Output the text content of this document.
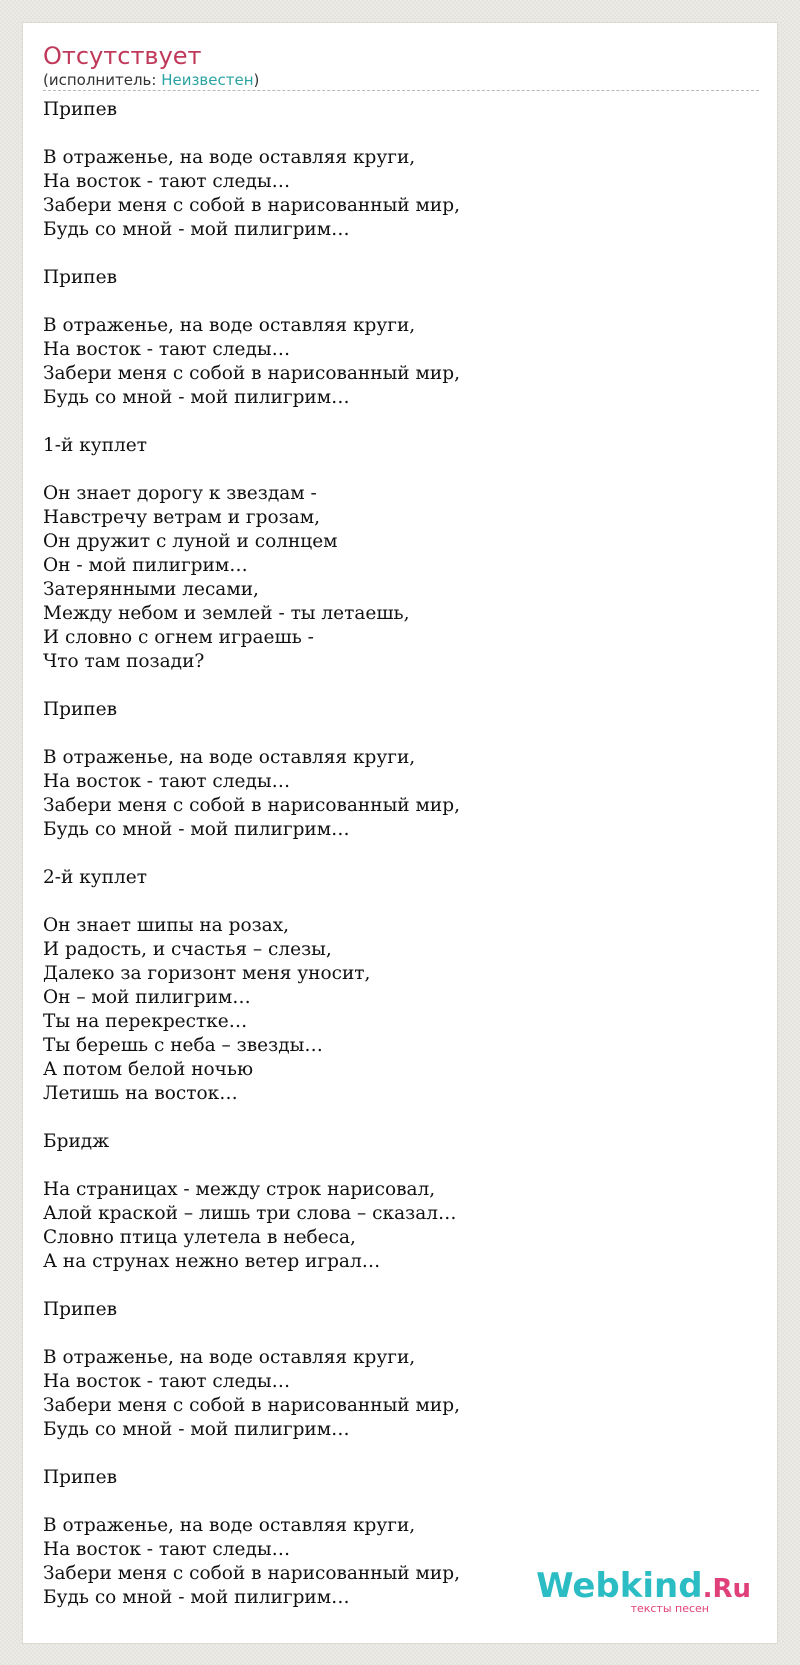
Отсутствует
(исполнитель: Неизвестен)
Припев

В отраженье, на воде оставляя круги,
На восток - тают следы…
Забери меня с собой в нарисованный мир,
Будь со мной - мой пилигрим…

Припев

В отраженье, на воде оставляя круги,
На восток - тают следы…
Забери меня с собой в нарисованный мир,
Будь со мной - мой пилигрим…

1-й куплет

Он знает дорогу к звездам -
Навстречу ветрам и грозам,
Он дружит с луной и солнцем
Он - мой пилигрим…
Затерянными лесами,
Между небом и землей - ты летаешь,
И словно с огнем играешь -
Что там позади?

Припев

В отраженье, на воде оставляя круги,
На восток - тают следы…
Забери меня с собой в нарисованный мир,
Будь со мной - мой пилигрим…

2-й куплет

Он знает шипы на розах,
И радость, и счастья – слезы,
Далеко за горизонт меня уносит,
Он – мой пилигрим…
Ты на перекрестке…
Ты берешь с неба – звезды…
А потом белой ночью
Летишь на восток…

Бридж

На страницах - между строк нарисовал,
Алой краской – лишь три слова – сказал…
Словно птица улетела в небеса,
А на струнах нежно ветер играл…

Припев

В отраженье, на воде оставляя круги,
На восток - тают следы…
Забери меня с собой в нарисованный мир,
Будь со мной - мой пилигрим…

Припев

В отраженье, на воде оставляя круги,
На восток - тают следы…
Забери меня с собой в нарисованный мир,
Будь со мной - мой пилигрим…	Webkind.Ru
тексты песен
